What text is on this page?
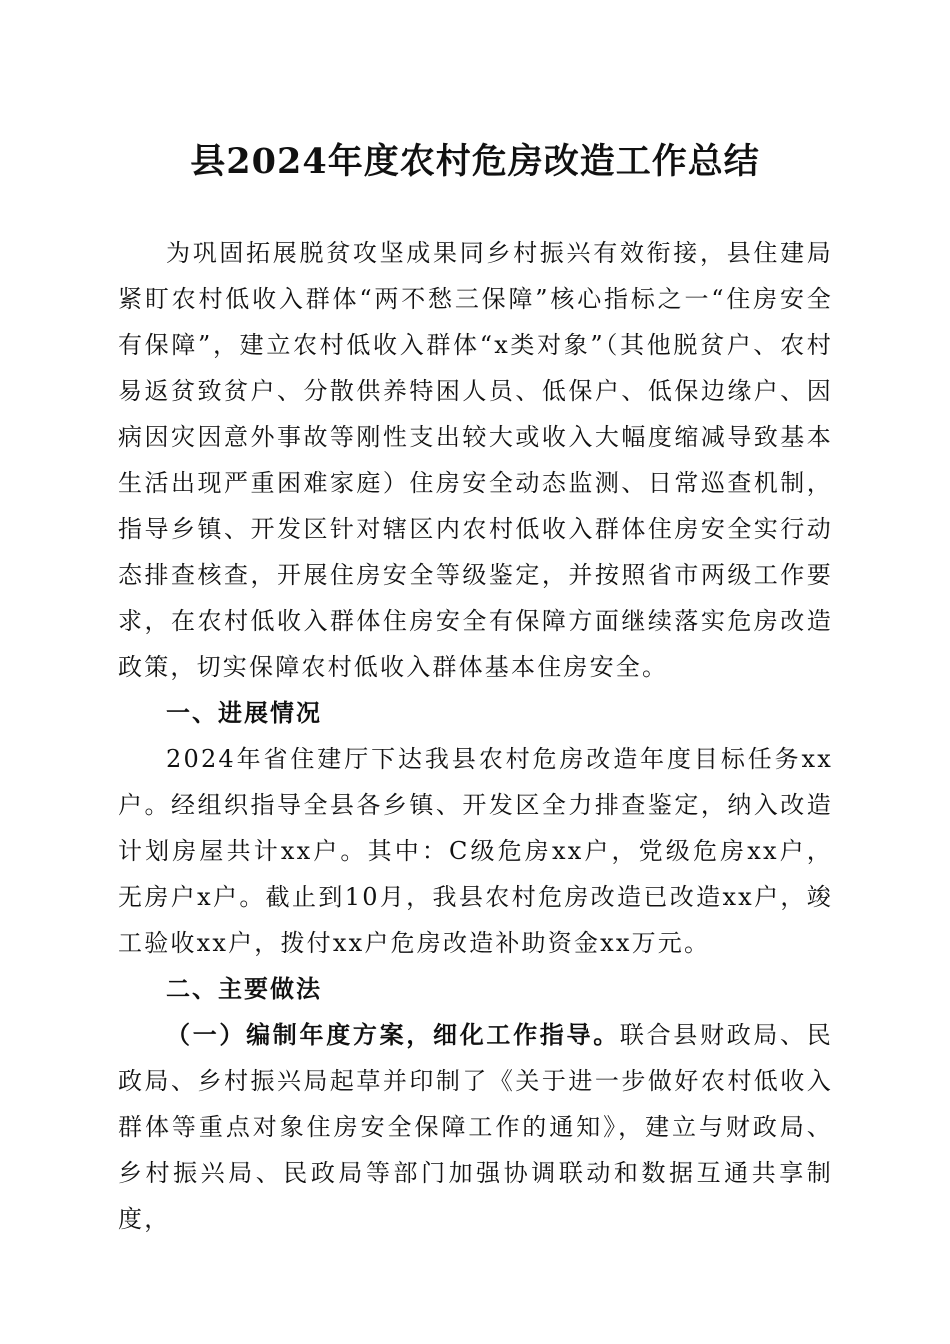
县2024年度农村危房改造工作总结

为巩固拓展脱贫攻坚成果同乡村振兴有效衔接，县住建局紧盯农村低收入群体“两不愁三保障”核心指标之一“住房安全有保障”，建立农村低收入群体“x类对象”（其他脱贫户、农村易返贫致贫户、分散供养特困人员、低保户、低保边缘户、因病因灾因意外事故等刚性支出较大或收入大幅度缩减导致基本生活出现严重困难家庭）住房安全动态监测、日常巡查机制，指导乡镇、开发区针对辖区内农村低收入群体住房安全实行动态排查核查，开展住房安全等级鉴定，并按照省市两级工作要求，在农村低收入群体住房安全有保障方面继续落实危房改造政策，切实保障农村低收入群体基本住房安全。

一、进展情况

2024年省住建厅下达我县农村危房改造年度目标任务xx户。经组织指导全县各乡镇、开发区全力排查鉴定，纳入改造计划房屋共计xx户。其中：C级危房xx户，党级危房xx户，无房户x户。截止到10月，我县农村危房改造已改造xx户，竣工验收xx户，拨付xx户危房改造补助资金xx万元。

二、主要做法

（一）编制年度方案，细化工作指导。联合县财政局、民政局、乡村振兴局起草并印制了《关于进一步做好农村低收入群体等重点对象住房安全保障工作的通知》，建立与财政局、乡村振兴局、民政局等部门加强协调联动和数据互通共享制度，
